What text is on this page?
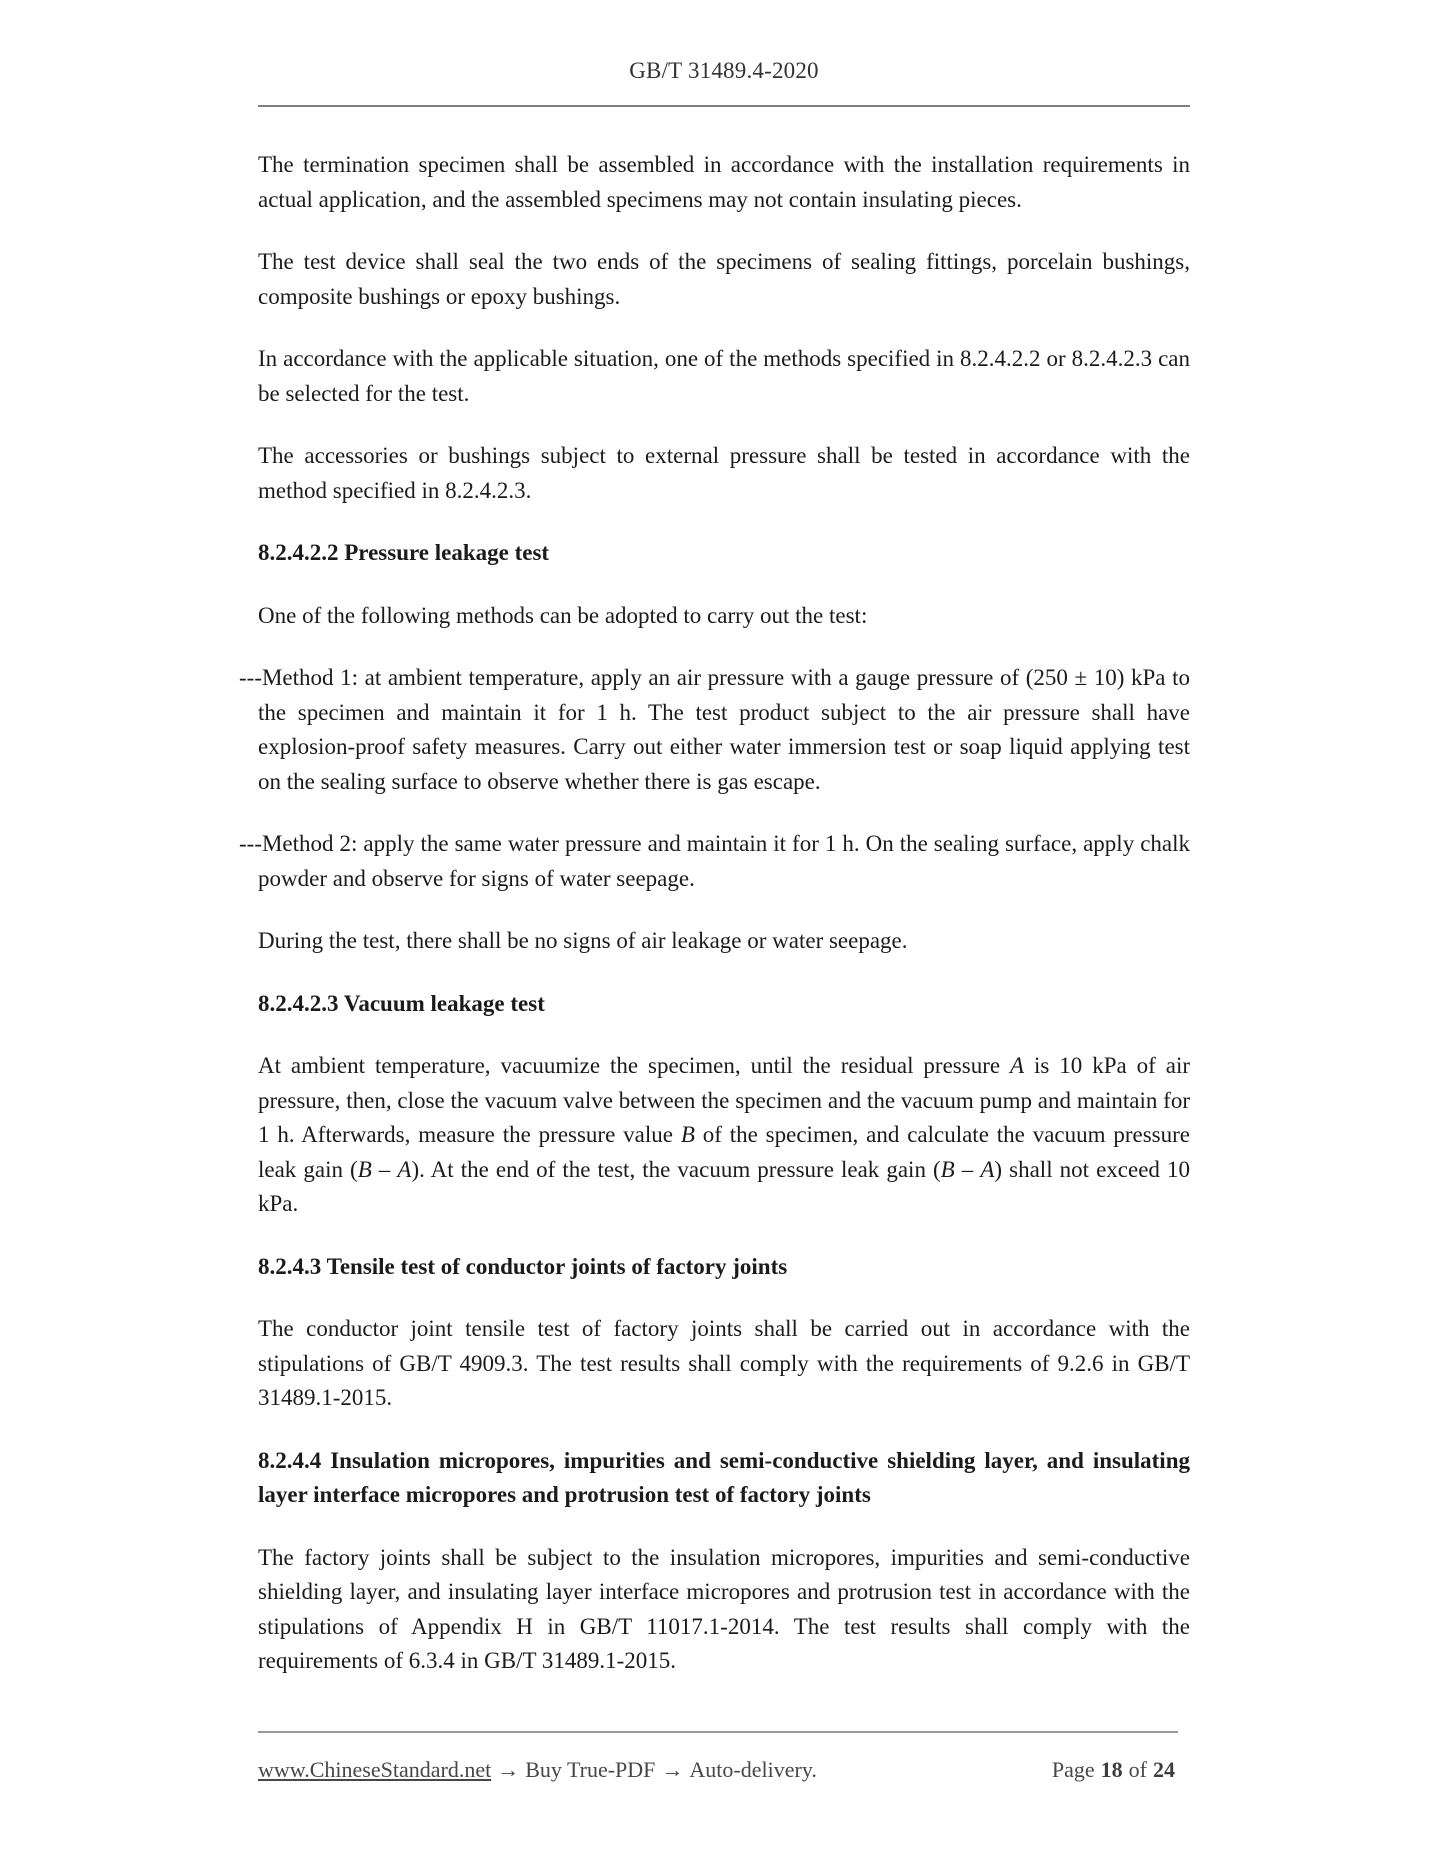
GB/T 31489.4-2020

The termination specimen shall be assembled in accordance with the installation requirements in actual application, and the assembled specimens may not contain insulating pieces.

The test device shall seal the two ends of the specimens of sealing fittings, porcelain bushings, composite bushings or epoxy bushings.

In accordance with the applicable situation, one of the methods specified in 8.2.4.2.2 or 8.2.4.2.3 can be selected for the test.

The accessories or bushings subject to external pressure shall be tested in accordance with the method specified in 8.2.4.2.3.

8.2.4.2.2 Pressure leakage test

One of the following methods can be adopted to carry out the test:

---Method 1: at ambient temperature, apply an air pressure with a gauge pressure of (250 ± 10) kPa to the specimen and maintain it for 1 h. The test product subject to the air pressure shall have explosion-proof safety measures. Carry out either water immersion test or soap liquid applying test on the sealing surface to observe whether there is gas escape.

---Method 2: apply the same water pressure and maintain it for 1 h. On the sealing surface, apply chalk powder and observe for signs of water seepage.

During the test, there shall be no signs of air leakage or water seepage.

8.2.4.2.3 Vacuum leakage test

At ambient temperature, vacuumize the specimen, until the residual pressure A is 10 kPa of air pressure, then, close the vacuum valve between the specimen and the vacuum pump and maintain for 1 h. Afterwards, measure the pressure value B of the specimen, and calculate the vacuum pressure leak gain (B – A). At the end of the test, the vacuum pressure leak gain (B – A) shall not exceed 10 kPa.

8.2.4.3 Tensile test of conductor joints of factory joints

The conductor joint tensile test of factory joints shall be carried out in accordance with the stipulations of GB/T 4909.3. The test results shall comply with the requirements of 9.2.6 in GB/T 31489.1-2015.

8.2.4.4 Insulation micropores, impurities and semi-conductive shielding layer, and insulating layer interface micropores and protrusion test of factory joints

The factory joints shall be subject to the insulation micropores, impurities and semi-conductive shielding layer, and insulating layer interface micropores and protrusion test in accordance with the stipulations of Appendix H in GB/T 11017.1-2014. The test results shall comply with the requirements of 6.3.4 in GB/T 31489.1-2015.

www.ChineseStandard.net → Buy True-PDF → Auto-delivery.	Page 18 of 24
